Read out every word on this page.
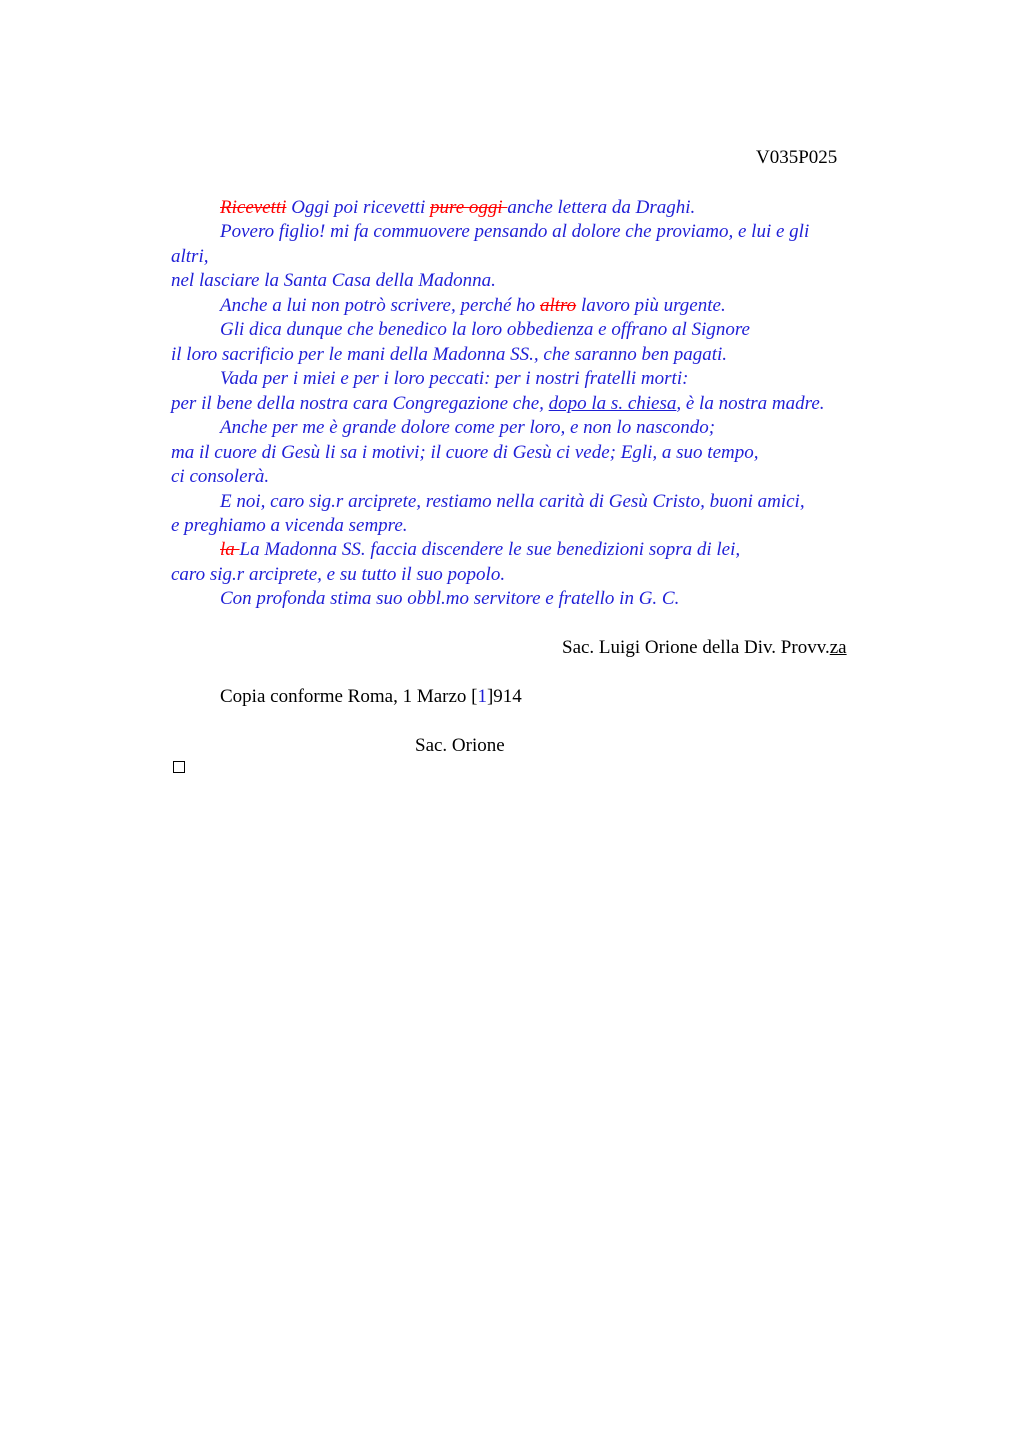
V035P025
Ricevetti Oggi poi ricevetti pure oggi anche lettera da Draghi.
Povero figlio! mi fa commuovere pensando al dolore che proviamo, e lui e gli
altri,
nel lasciare la Santa Casa della Madonna.
Anche a lui non potrò scrivere, perché ho altro lavoro più urgente.
Gli dica dunque che benedico la loro obbedienza e offrano al Signore
il loro sacrificio per le mani della Madonna SS., che saranno ben pagati.
Vada per i miei e per i loro peccati: per i nostri fratelli morti:
per il bene della nostra cara Congregazione che, dopo la s. chiesa, è la nostra madre.
Anche per me è grande dolore come per loro, e non lo nascondo;
ma il cuore di Gesù li sa i motivi; il cuore di Gesù ci vede; Egli, a suo tempo,
ci consolerà.
E noi, caro sig.r arciprete, restiamo nella carità di Gesù Cristo, buoni amici,
e preghiamo a vicenda sempre.
la La Madonna SS. faccia discendere le sue benedizioni sopra di lei,
caro sig.r arciprete, e su tutto il suo popolo.
Con profonda stima suo obbl.mo servitore e fratello in G. C.
Sac. Luigi Orione della Div. Provv.za
Copia conforme Roma, 1 Marzo [1]914
Sac. Orione
